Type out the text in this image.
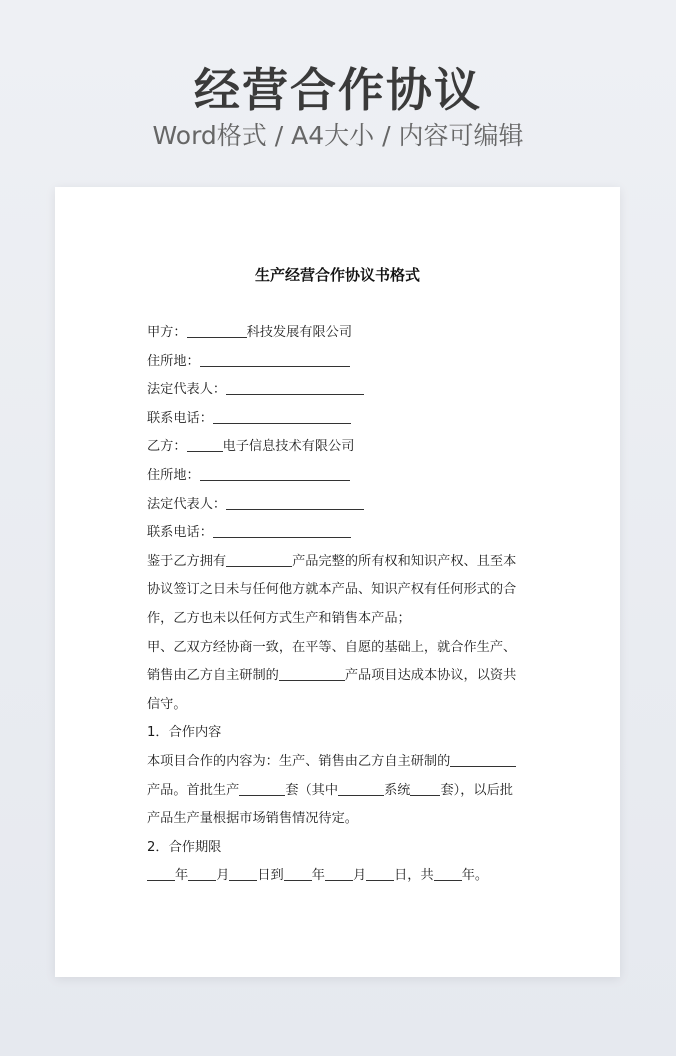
经营合作协议
Word格式 / A4大小 / 内容可编辑
生产经营合作协议书格式
甲方：	科技发展有限公司
住所地：
法定代表人：
联系电话：
乙方：	电子信息技术有限公司
住所地：
法定代表人：
联系电话：
鉴于乙方拥有	产品完整的所有权和知识产权、且至本
协议签订之日未与任何他方就本产品、知识产权有任何形式的合
作，乙方也未以任何方式生产和销售本产品；
甲、乙双方经协商一致，在平等、自愿的基础上，就合作生产、
销售由乙方自主研制的	产品项目达成本协议，以资共
信守。
1．合作内容
本项目合作的内容为：生产、销售由乙方自主研制的
产品。首批生产	套（其中	系统 套），以后批
产品生产量根据市场销售情况待定。
2．合作期限
年 月 日到 年 月 日，共 年。
